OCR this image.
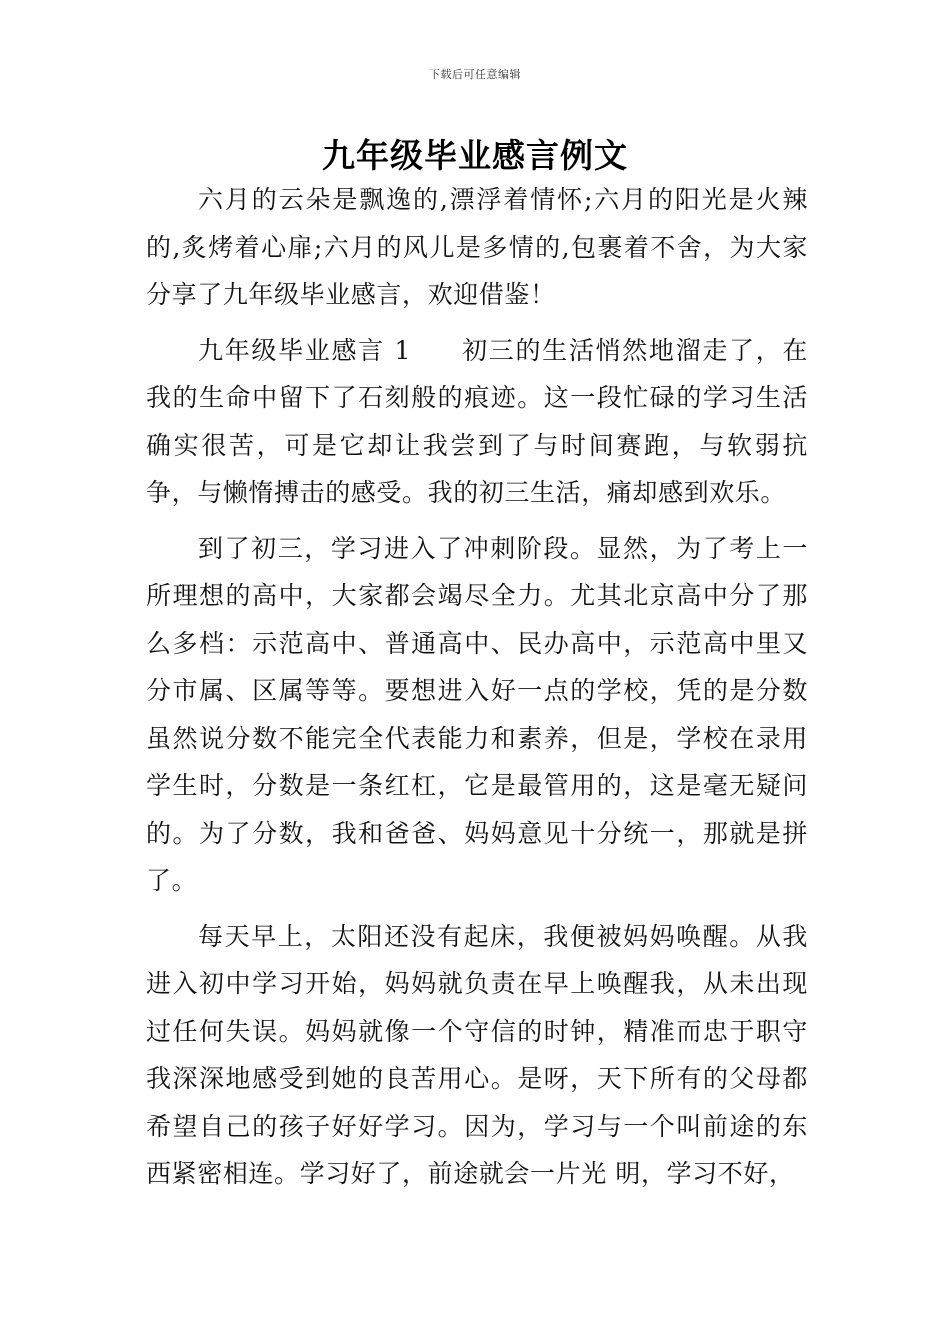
下载后可任意编辑
九年级毕业感言例文

六月的云朵是飘逸的,漂浮着情怀;六月的阳光是火辣的,炙烤着心扉;六月的风儿是多情的,包裹着不舍，为大家分享了九年级毕业感言，欢迎借鉴！

九年级毕业感言 1 初三的生活悄然地溜走了，在我的生命中留下了石刻般的痕迹。这一段忙碌的学习生活确实很苦，可是它却让我尝到了与时间赛跑，与软弱抗争，与懒惰搏击的感受。我的初三生活，痛却感到欢乐。

到了初三，学习进入了冲刺阶段。显然，为了考上一所理想的高中，大家都会竭尽全力。尤其北京高中分了那么多档：示范高中、普通高中、民办高中，示范高中里又分市属、区属等等。要想进入好一点的学校，凭的是分数虽然说分数不能完全代表能力和素养，但是，学校在录用学生时，分数是一条红杠，它是最管用的，这是毫无疑问的。为了分数，我和爸爸、妈妈意见十分统一，那就是拼了。

每天早上，太阳还没有起床，我便被妈妈唤醒。从我进入初中学习开始，妈妈就负责在早上唤醒我，从未出现过任何失误。妈妈就像一个守信的时钟，精准而忠于职守我深深地感受到她的良苦用心。是呀，天下所有的父母都希望自己的孩子好好学习。因为，学习与一个叫前途的东西紧密相连。学习好了，前途就会一片光 明，学习不好，
